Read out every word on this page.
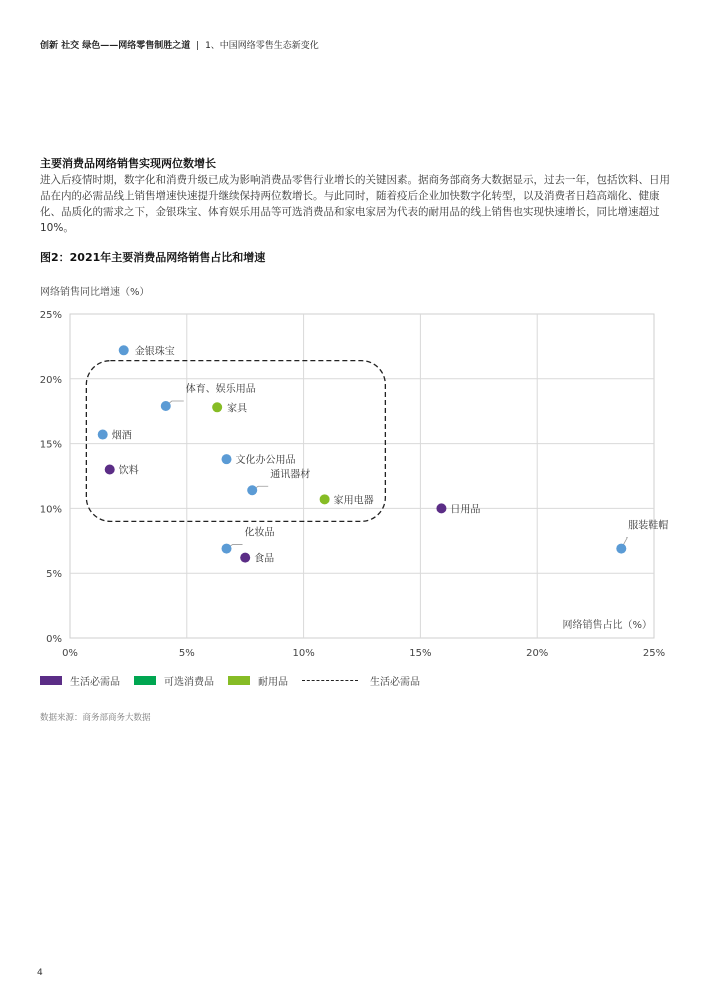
创新 社交 绿色——网络零售制胜之道 | 1、中国网络零售生态新变化
主要消费品网络销售实现两位数增长

进入后疫情时期，数字化和消费升级已成为影响消费品零售行业增长的关键因素。据商务部商务大数据显示，过去一年，包括饮料、日用品在内的必需品线上销售增速快速提升继续保持两位数增长。与此同时，随着疫后企业加快数字化转型，以及消费者日趋高端化、健康化、品质化的需求之下，金银珠宝、体育娱乐用品等可选消费品和家电家居为代表的耐用品的线上销售也实现快速增长，同比增速超过10%。

图2：2021年主要消费品网络销售占比和增速
0%
0%
5%
5%
10%
10%
15%
15%
20%
20%
25%
25%
网络销售同比增速（%）
网络销售占比（%）
金银珠宝
体育、娱乐用品
家具
烟酒
饮料
文化办公用品
通讯器材
家用电器
日用品
化妆品
食品
服装鞋帽
生活必需品	可选消费品	耐用品	生活必需品
数据来源：商务部商务大数据
4
